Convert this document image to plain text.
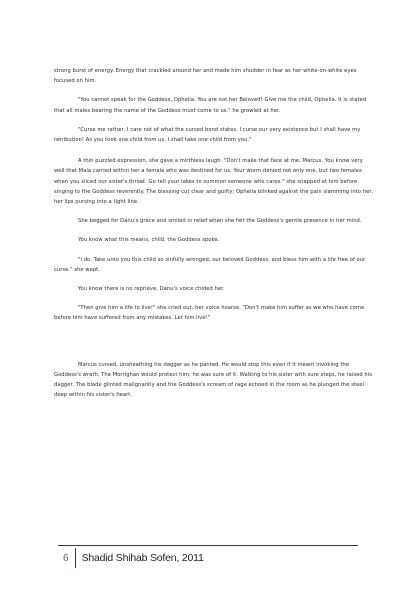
strong burst of energy. Energy that crackled around her and made him shudder in fear as her white-on-white eyes focused on him.

"You cannot speak for the Goddess, Ophelia. You are not her Beloved! Give me the child, Ophelia. It is stated that all males bearing the name of the Goddess must come to us." he growled at her.

"Curse me rather, I care not of what the cursed bond states. I curse our very existence but I shall have my retribution! As you took one child from us, I shall take one child from you."

A thin puzzled expression, she gave a mirthless laugh. "Don't make that face at me, Marcus. You know very well that Maia carried within her a female who was destined for us. Your worm denied not only one, but two females when you sliced our sister's throat. Go tell your lakes to summon someone who cares." she snapped at him before singing to the Goddess reverently. The blessing cut clear and guilty; Ophelia blinked against the pain slamming into her, her lips pursing into a tight line.

She begged for Danu's grace and smiled in relief when she felt the Goddess's gentle presence in her mind.

You know what this means, child, the Goddess spoke.

"I do. Take unto you this child so sinfully wronged, our beloved Goddess, and bless him with a life free of our curse." she wept.

You know there is no reprieve, Danu's voice chided her.

"Then give him a life to live!" she cried out, her voice hoarse. "Don't make him suffer as we who have come before him have suffered from any mistakes. Let him live!"

Marcus cursed, unsheathing his dagger as he panted. He would stop this even if it meant invoking the Goddess's wrath. The Morrighan would protect him, he was sure of it. Walking to his sister with sure steps, he raised his dagger. The blade glinted malignantly and the Goddess's scream of rage echoed in the room as he plunged the steel deep within his sister's heart.

6	Shadid Shihab Sofen, 2011
